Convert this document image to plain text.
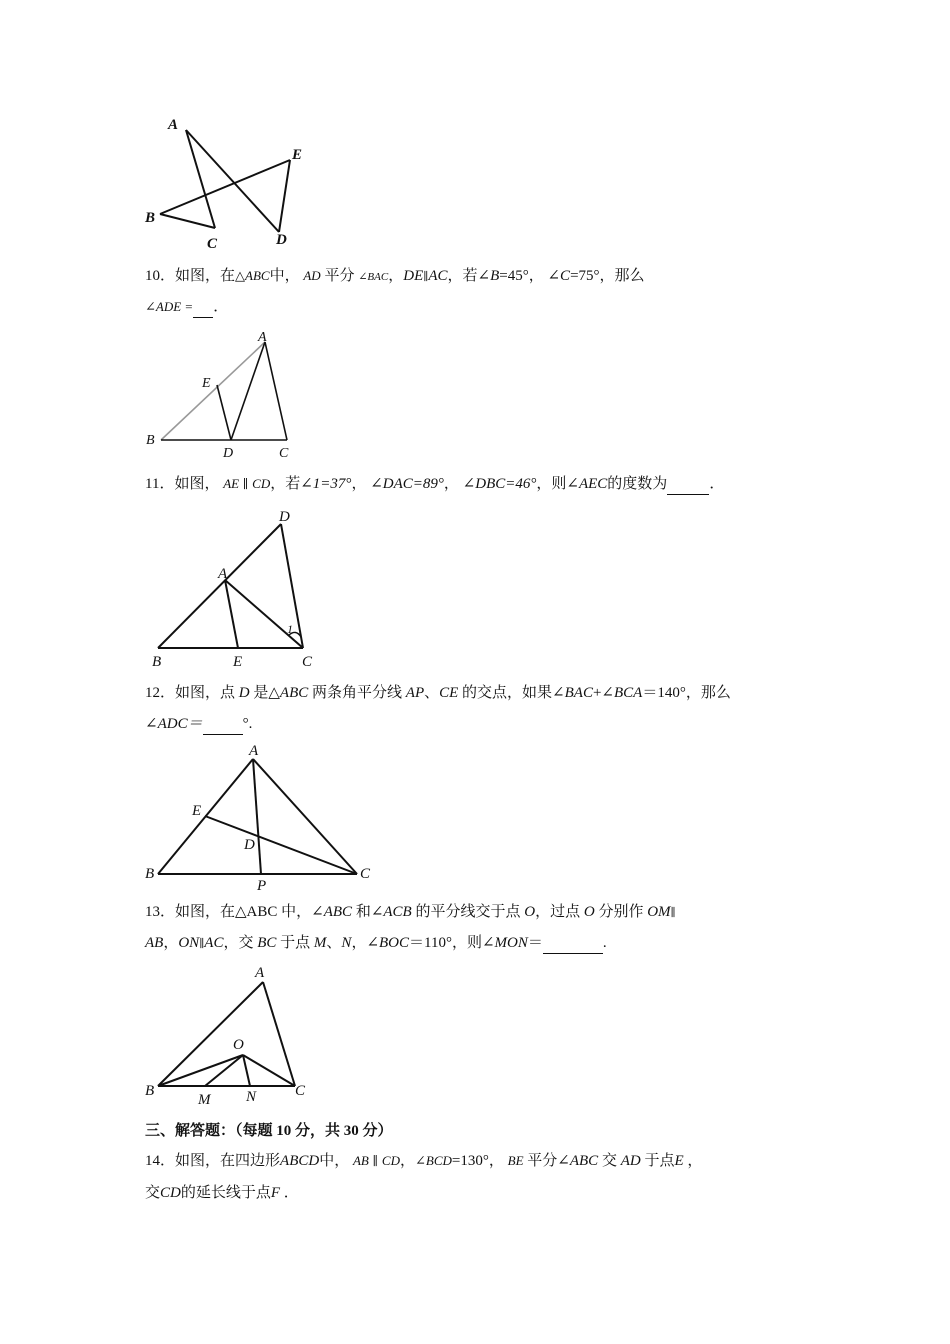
A
E
B
C	D
10．如图，在△ABC中， AD 平分 ∠BAC，DE∥AC，若∠B=45°， ∠C=75°，那么
∠ADE = ．
A
E
B
D	C
11．如图， AE ∥ CD，若∠1=37°， ∠DAC=89°， ∠DBC=46°，则∠AEC的度数为	．
D
A
1
B	E	C
12．如图，点 D 是△ABC 两条角平分线 AP、CE 的交点，如果∠BAC+∠BCA＝140°，那么
∠ADC＝	°.
A
E
D
B
P
C
13．如图，在△ABC 中，∠ABC 和∠ACB 的平分线交于点 O，过点 O 分别作 OM∥
AB，ON∥AC，交 BC 于点 M、N，∠BOC＝110°，则∠MON＝	.
A
O
B
M N	C
三、解答题：（每题 10 分，共 30 分）
14．如图，在四边形ABCD中， AB ∥ CD，∠BCD=130°， BE 平分∠ABC 交 AD 于点E ，
交CD的延长线于点F ．
